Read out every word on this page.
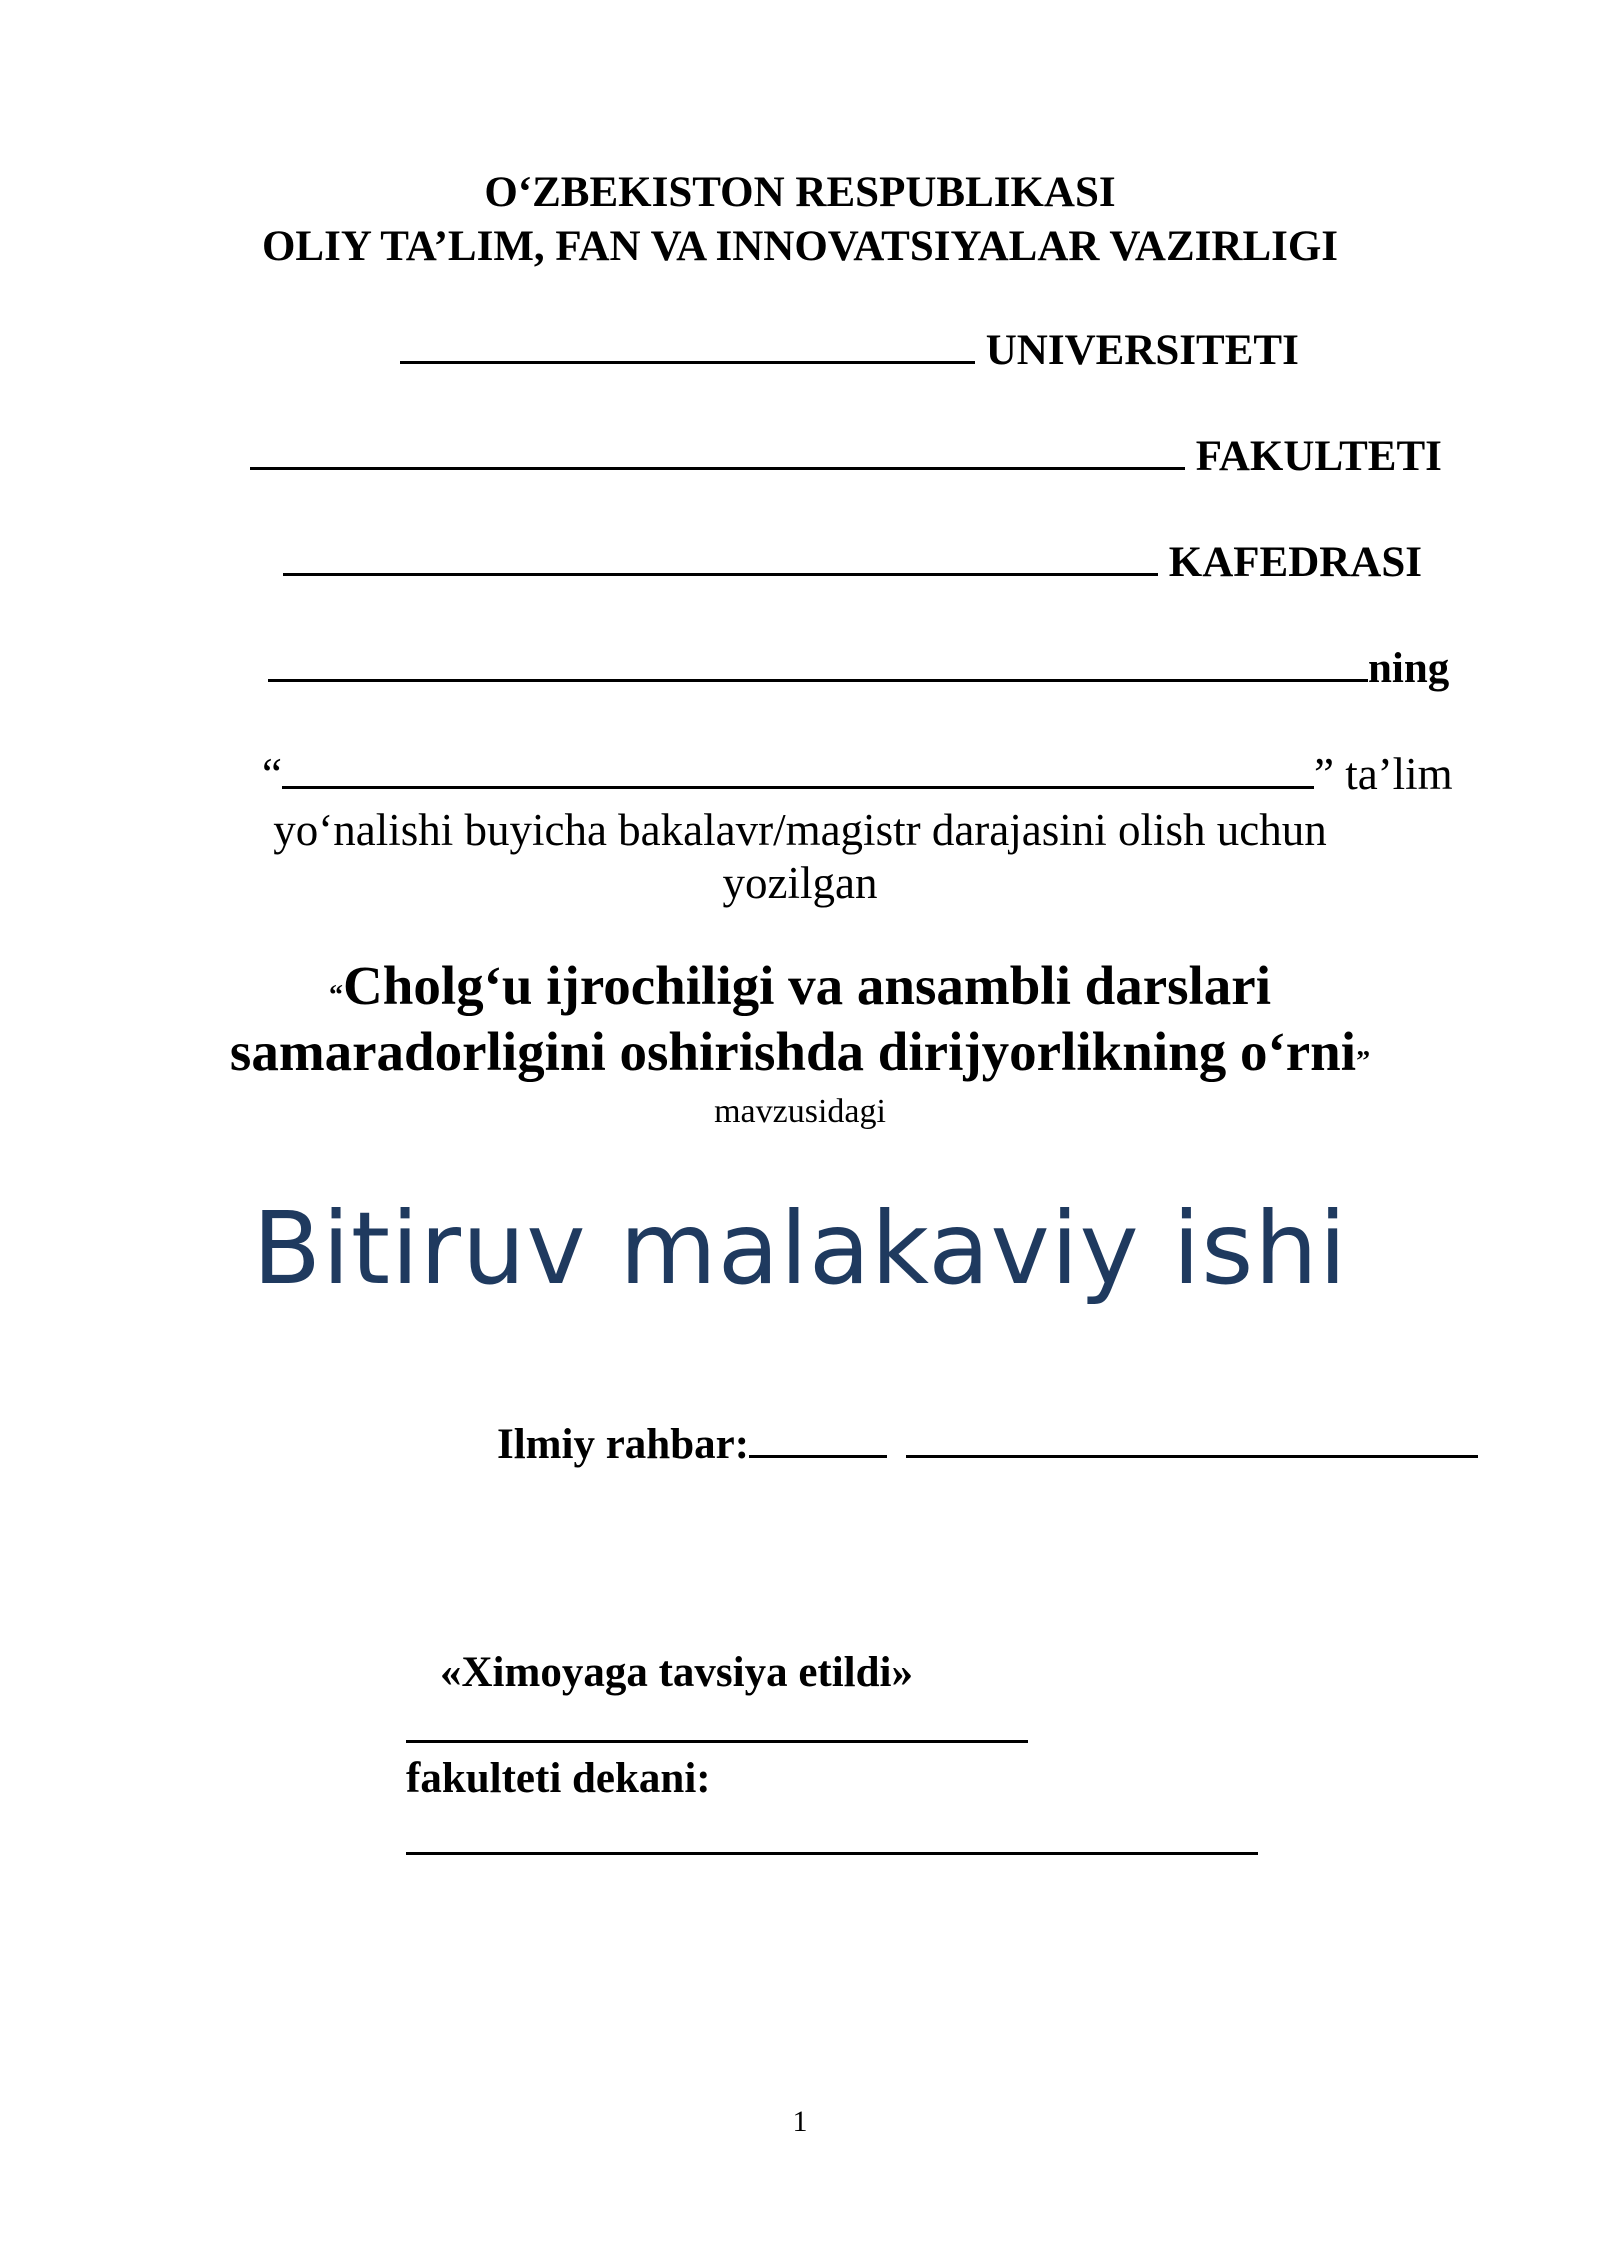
O‘ZBEKISTON RESPUBLIKASI
OLIY TA’LIM, FAN VA INNOVATSIYALAR VAZIRLIGI
UNIVERSITETI
FAKULTETI
KAFEDRASI
ning
“	” ta’lim
yo‘nalishi buyicha bakalavr/magistr darajasini olish uchun
yozilgan
“Cholg‘u ijrochiligi va ansambli darslari
samaradorligini oshirishda dirijyorlikning o‘rni”
mavzusidagi
Bitiruv malakaviy ishi
Ilmiy rahbar:
«Ximoyaga tavsiya etildi»
fakulteti dekani:
1
